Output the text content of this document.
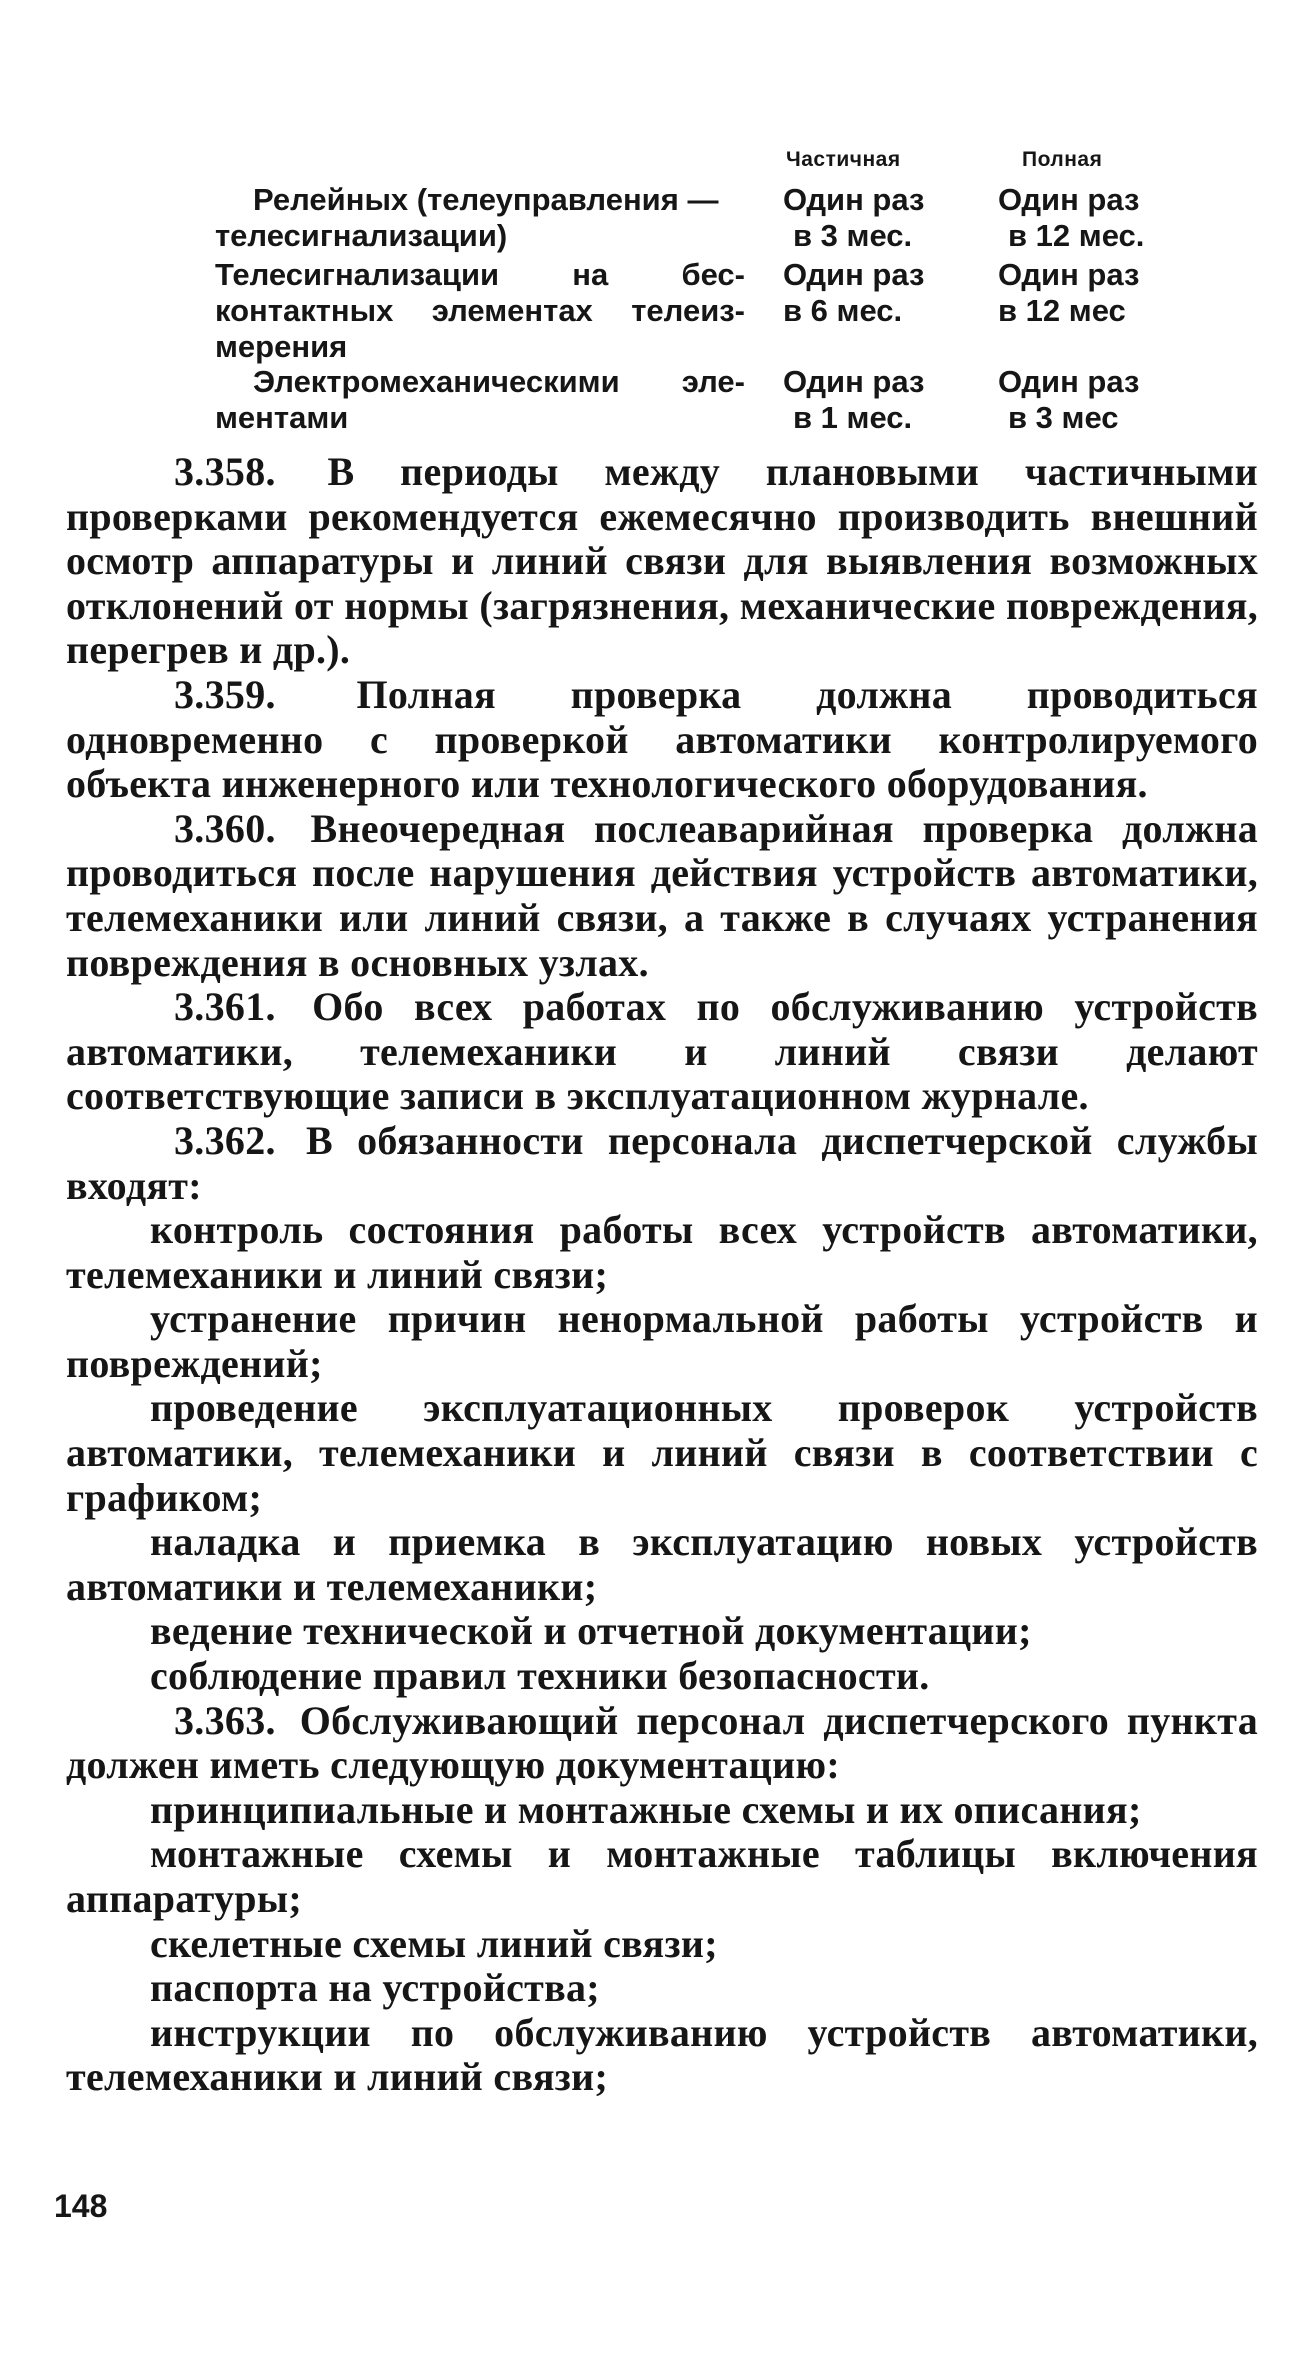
Частичная	Полная
Релейных (телеуправления —
телесигнализации)
Один раз
в 3 мес.
Один раз
в 12 мес.
Телесигнализации на бес-
контактных элементах телеиз-
мерения
Один раз
в 6 мес.
Один раз
в 12 мес
Электромеханическими эле-
ментами
Один раз
в 1 мес.
Один раз
в 3 мес

3.358. В периоды между плановыми частичными проверками рекомендуется ежемесячно производить внешний осмотр аппаратуры и линий связи для выявления возможных отклонений от нормы (загрязнения, механические повреждения, перегрев и др.).

3.359. Полная проверка должна проводиться одновременно с проверкой автоматики контролируемого объекта инженерного или технологического оборудования.

3.360. Внеочередная послеаварийная проверка должна проводиться после нарушения действия устройств автоматики, телемеханики или линий связи, а также в случаях устранения повреждения в основных узлах.

3.361. Обо всех работах по обслуживанию устройств автоматики, телемеханики и линий связи делают соответствующие записи в эксплуатационном журнале.

3.362. В обязанности персонала диспетчерской службы входят:

контроль состояния работы всех устройств автоматики, телемеханики и линий связи;

устранение причин ненормальной работы устройств и повреждений;

проведение эксплуатационных проверок устройств автоматики, телемеханики и линий связи в соответствии с графиком;

наладка и приемка в эксплуатацию новых устройств автоматики и телемеханики;

ведение технической и отчетной документации;

соблюдение правил техники безопасности.

3.363. Обслуживающий персонал диспетчерского пункта должен иметь следующую документацию:

принципиальные и монтажные схемы и их описания;

монтажные схемы и монтажные таблицы включения аппаратуры;

скелетные схемы линий связи;

паспорта на устройства;

инструкции по обслуживанию устройств автоматики, телемеханики и линий связи;

148
